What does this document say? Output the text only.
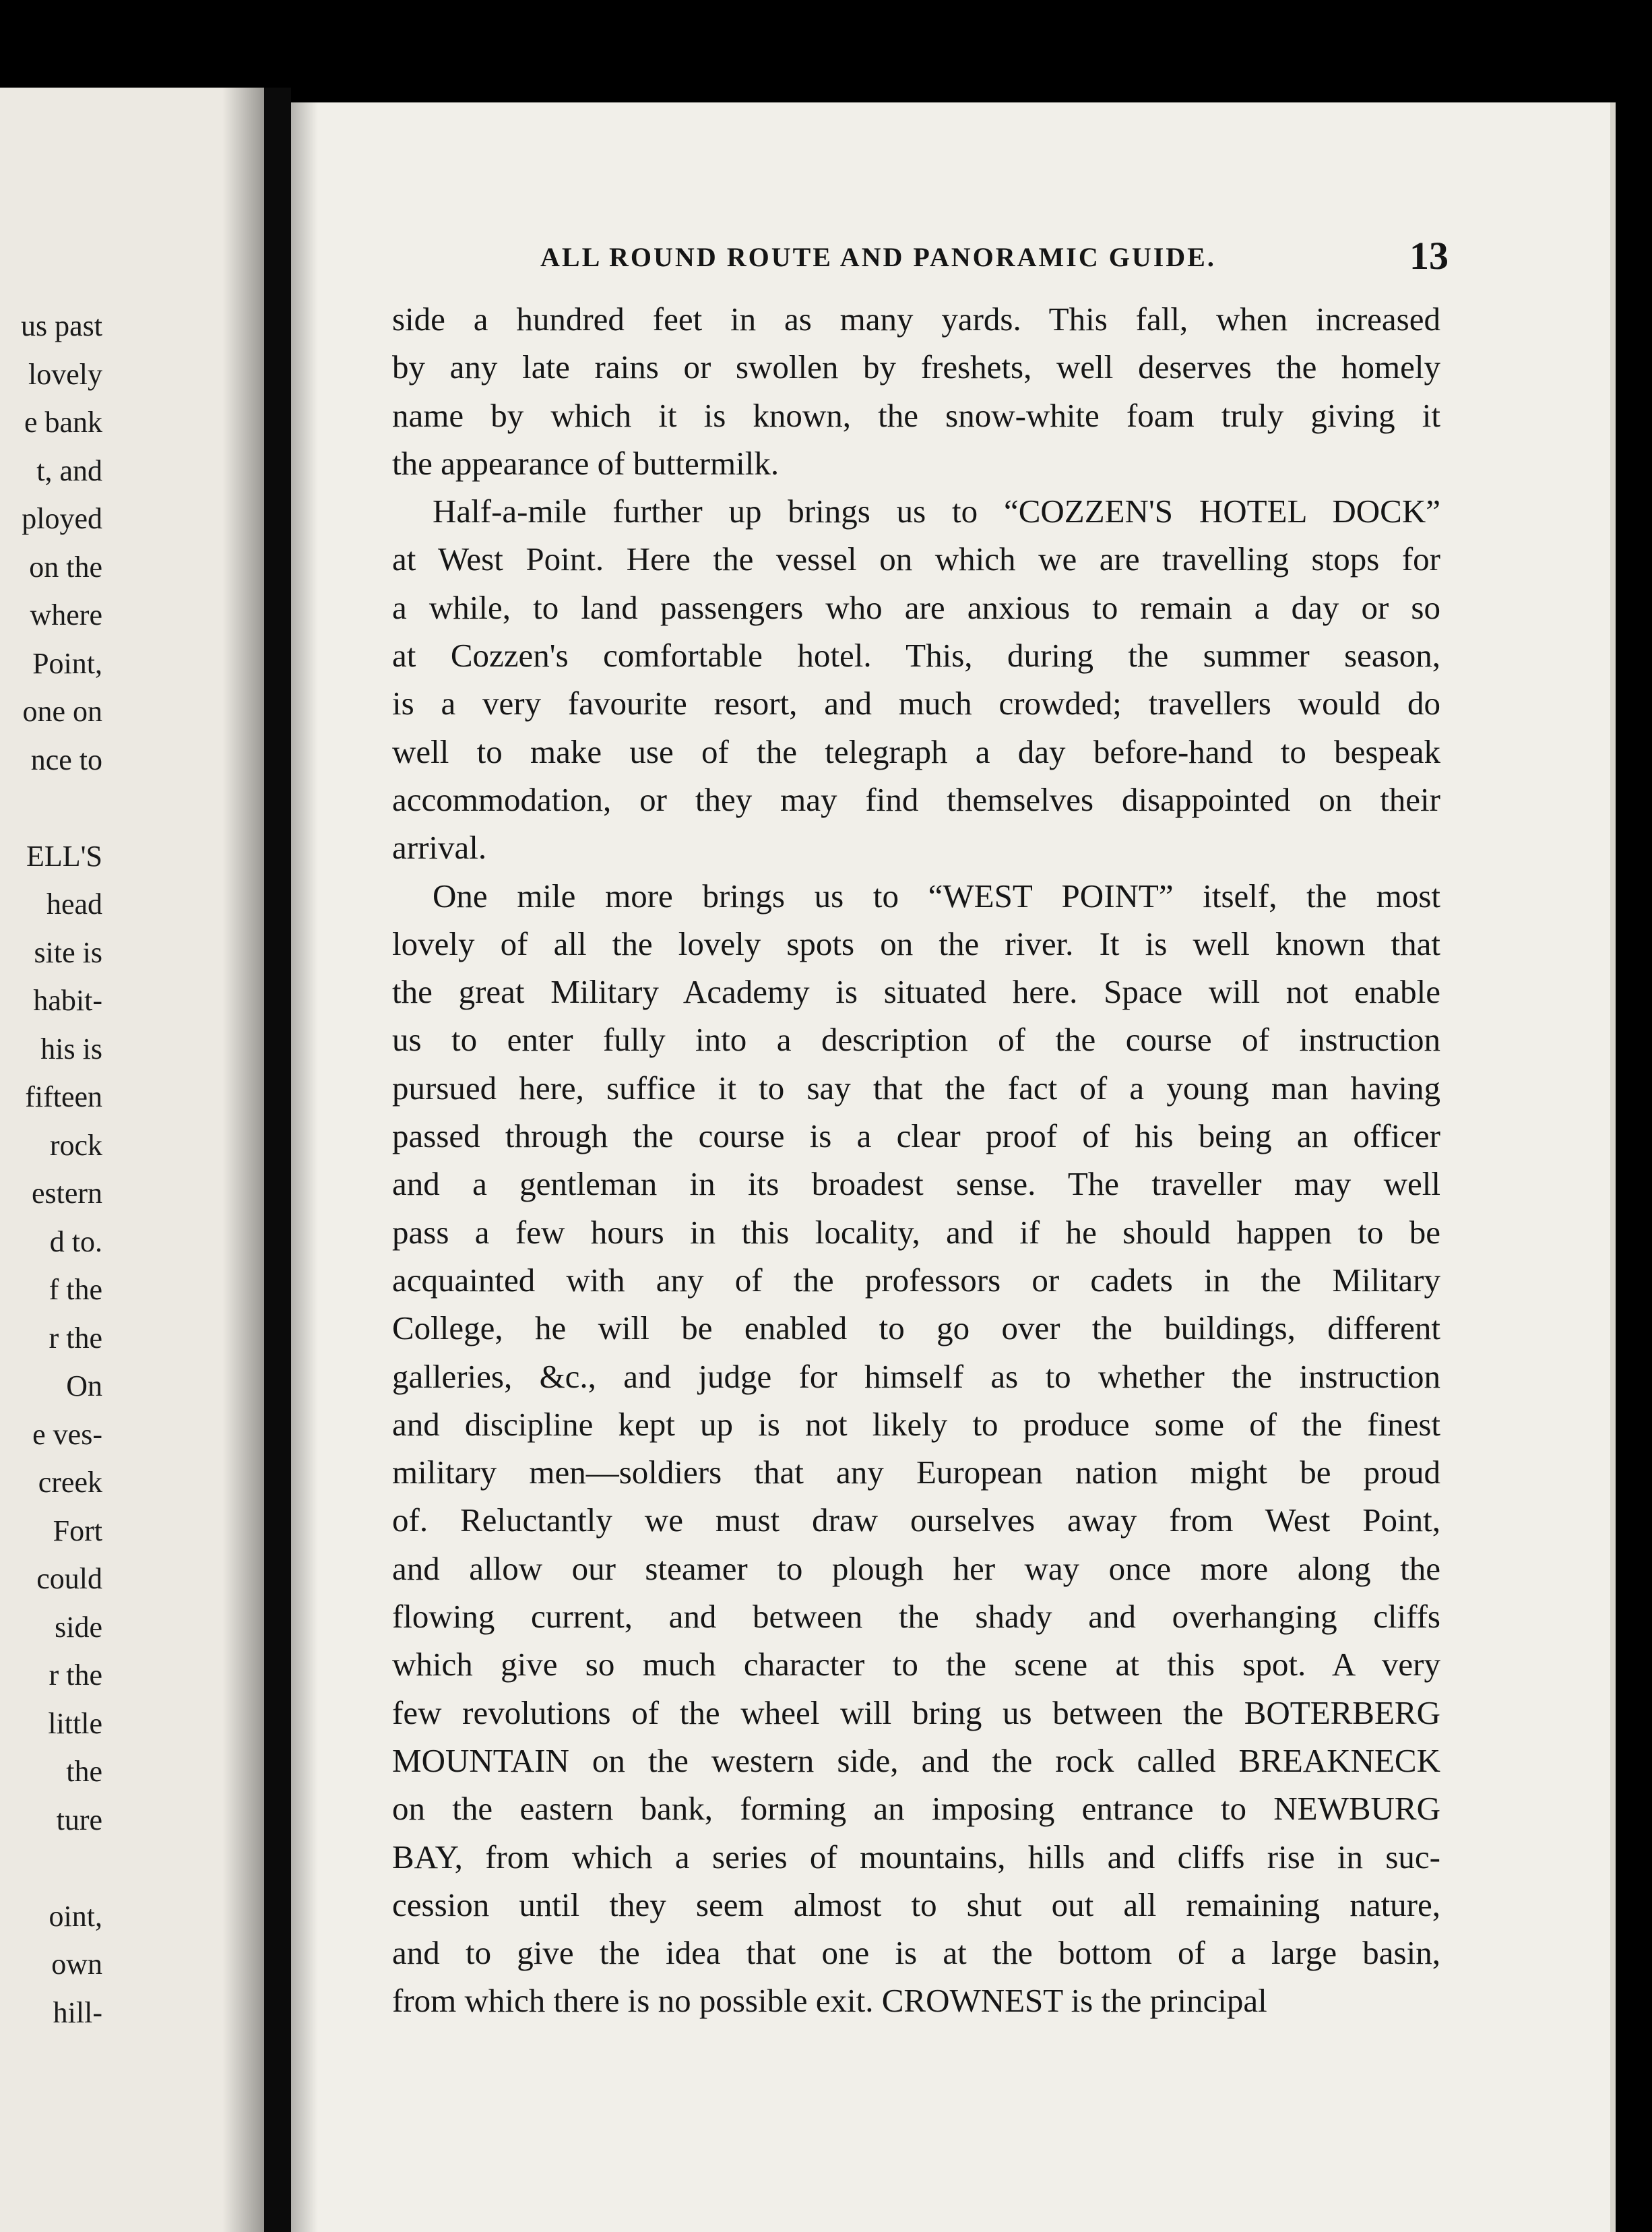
us past
lovely
e bank
t, and
ployed
on the
where
Point,
one on
nce to

ELL'S
head
site is
habit-
his is
fifteen
rock
estern
d to.
f the
r the
On
e ves-
creek
Fort
could
side
r the
little
the
ture

oint,
own
hill-
ALL ROUND ROUTE AND PANORAMIC GUIDE.	13
side a hundred feet in as many yards. This fall, when increased
by any late rains or swollen by freshets, well deserves the homely
name by which it is known, the snow-white foam truly giving it
the appearance of buttermilk.
Half-a-mile further up brings us to “COZZEN'S HOTEL DOCK”
at West Point. Here the vessel on which we are travelling stops for
a while, to land passengers who are anxious to remain a day or so
at Cozzen's comfortable hotel. This, during the summer season,
is a very favourite resort, and much crowded; travellers would do
well to make use of the telegraph a day before-hand to bespeak
accommodation, or they may find themselves disappointed on their
arrival.
One mile more brings us to “WEST POINT” itself, the most
lovely of all the lovely spots on the river. It is well known that
the great Military Academy is situated here. Space will not enable
us to enter fully into a description of the course of instruction
pursued here, suffice it to say that the fact of a young man having
passed through the course is a clear proof of his being an officer
and a gentleman in its broadest sense. The traveller may well
pass a few hours in this locality, and if he should happen to be
acquainted with any of the professors or cadets in the Military
College, he will be enabled to go over the buildings, different
galleries, &c., and judge for himself as to whether the instruction
and discipline kept up is not likely to produce some of the finest
military men—soldiers that any European nation might be proud
of. Reluctantly we must draw ourselves away from West Point,
and allow our steamer to plough her way once more along the
flowing current, and between the shady and overhanging cliffs
which give so much character to the scene at this spot. A very
few revolutions of the wheel will bring us between the BOTERBERG
MOUNTAIN on the western side, and the rock called BREAKNECK
on the eastern bank, forming an imposing entrance to NEWBURG
BAY, from which a series of mountains, hills and cliffs rise in suc-
cession until they seem almost to shut out all remaining nature,
and to give the idea that one is at the bottom of a large basin,
from which there is no possible exit. CROWNEST is the principal
